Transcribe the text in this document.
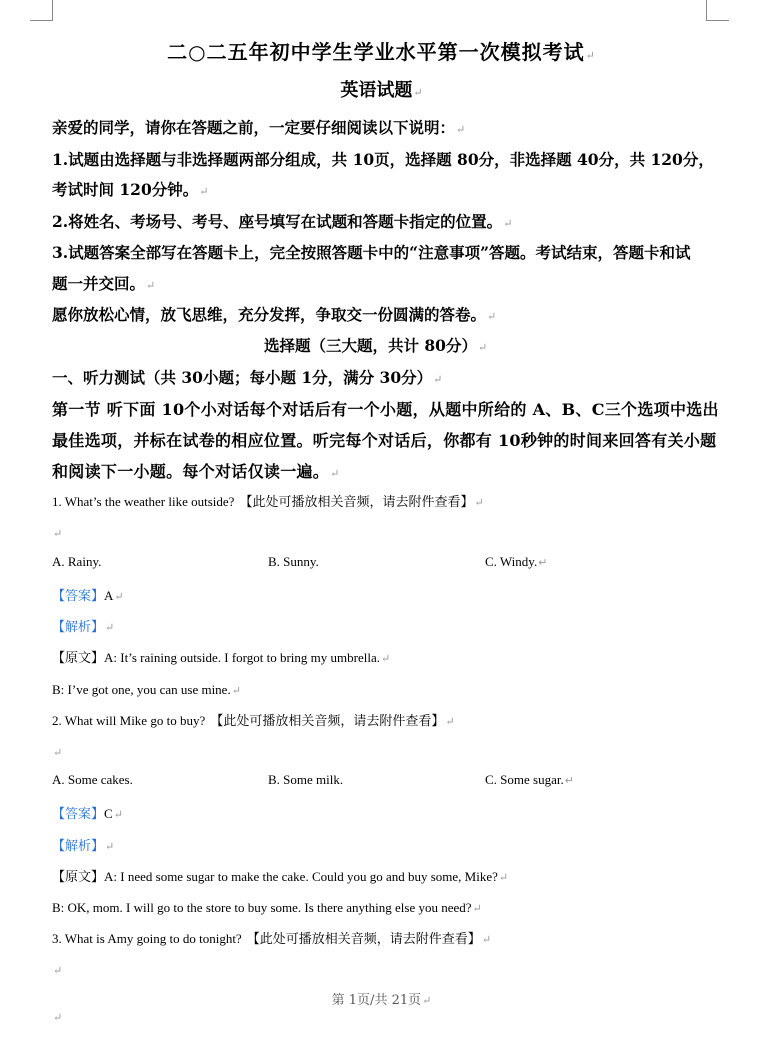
二○二五年初中学生学业水平第一次模拟考试↵
英语试题↵
亲爱的同学，请你在答题之前，一定要仔细阅读以下说明：↵
1.试题由选择题与非选择题两部分组成，共 10页，选择题 80分，非选择题 40分，共 120分，
考试时间 120分钟。↵
2.将姓名、考场号、考号、座号填写在试题和答题卡指定的位置。↵
3.试题答案全部写在答题卡上，完全按照答题卡中的“注意事项”答题。考试结束，答题卡和试
题一并交回。↵
愿你放松心情，放飞思维，充分发挥，争取交一份圆满的答卷。↵
选择题（三大题，共计 80分）↵
一、听力测试（共 30小题；每小题 1分，满分 30分）↵
第一节 听下面 10个小对话每个对话后有一个小题，从题中所给的 A、B、C三个选项中选出
最佳选项，并标在试卷的相应位置。听完每个对话后，你都有 10秒钟的时间来回答有关小题
和阅读下一小题。每个对话仅读一遍。↵
1. What’s the weather like outside? 【此处可播放相关音频，请去附件查看】↵
↵
A. Rainy.	B. Sunny.	C. Windy.↵
【答案】A↵
【解析】↵
【原文】A: It’s raining outside. I forgot to bring my umbrella.↵
B: I’ve got one, you can use mine.↵
2. What will Mike go to buy? 【此处可播放相关音频，请去附件查看】↵
↵
A. Some cakes.	B. Some milk.	C. Some sugar.↵
【答案】C↵
【解析】↵
【原文】A: I need some sugar to make the cake. Could you go and buy some, Mike?↵
B: OK, mom. I will go to the store to buy some. Is there anything else you need?↵
3. What is Amy going to do tonight? 【此处可播放相关音频，请去附件查看】↵
↵
第 1页/共 21页↵
↵
